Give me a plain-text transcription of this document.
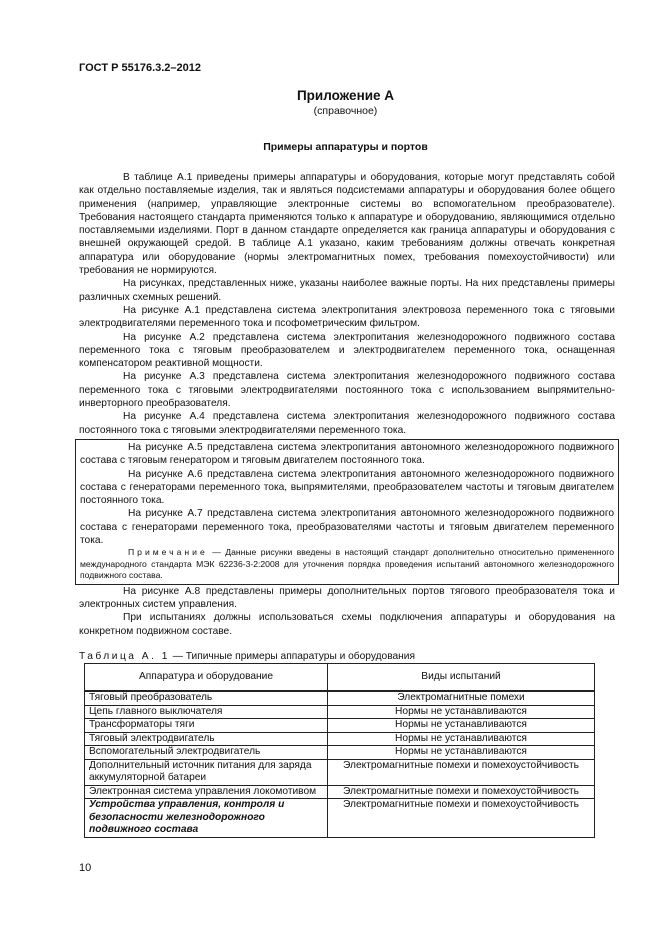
ГОСТ Р 55176.3.2–2012
Приложение А
(справочное)
Примеры аппаратуры и портов

В таблице А.1 приведены примеры аппаратуры и оборудования, которые могут представлять собой как отдельно поставляемые изделия, так и являться подсистемами аппаратуры и оборудования более общего применения (например, управляющие электронные системы во вспомогательном преобразователе). Требования настоящего стандарта применяются только к аппаратуре и оборудованию, являющимися отдельно поставляемыми изделиями. Порт в данном стандарте определяется как граница аппаратуры и оборудования с внешней окружающей средой. В таблице А.1 указано, каким требованиям должны отвечать конкретная аппаратура или оборудование (нормы электромагнитных помех, требования помехоустойчивости) или требования не нормируются.

На рисунках, представленных ниже, указаны наиболее важные порты. На них представлены примеры различных схемных решений.

На рисунке А.1 представлена система электропитания электровоза переменного тока с тяговыми электродвигателями переменного тока и псофометрическим фильтром.

На рисунке А.2 представлена система электропитания железнодорожного подвижного состава переменного тока с тяговым преобразователем и электродвигателем переменного тока, оснащенная компенсатором реактивной мощности.

На рисунке А.3 представлена система электропитания железнодорожного подвижного состава переменного тока с тяговыми электродвигателями постоянного тока с использованием выпрямительно- инверторного преобразователя.

На рисунке А.4 представлена система электропитания железнодорожного подвижного состава постоянного тока с тяговыми электродвигателями переменного тока.

На рисунке А.5 представлена система электропитания автономного железнодорожного подвижного состава с тяговым генератором и тяговым двигателем постоянного тока.

На рисунке А.6 представлена система электропитания автономного железнодорожного подвижного состава с генераторами переменного тока, выпрямителями, преобразователем частоты и тяговым двигателем постоянного тока.

На рисунке А.7 представлена система электропитания автономного железнодорожного подвижного состава с генераторами переменного тока, преобразователями частоты и тяговым двигателем переменного тока.

Примечание — Данные рисунки введены в настоящий стандарт дополнительно относительно примененного международного стандарта МЭК 62236-3-2:2008 для уточнения порядка проведения испытаний автономного железнодорожного подвижного состава.

На рисунке А.8 представлены примеры дополнительных портов тягового преобразователя тока и электронных систем управления.

При испытаниях должны использоваться схемы подключения аппаратуры и оборудования на конкретном подвижном составе.

Таблица А. 1 — Типичные примеры аппаратуры и оборудования
Аппаратура и оборудование	Виды испытаний
Тяговый преобразователь	Электромагнитные помехи
Цепь главного выключателя	Нормы не устанавливаются
Трансформаторы тяги	Нормы не устанавливаются
Тяговый электродвигатель	Нормы не устанавливаются
Вспомогательный электродвигатель	Нормы не устанавливаются
Дополнительный источник питания для заряда аккумуляторной батареи	Электромагнитные помехи и помехоустойчивость
Электронная система управления локомотивом	Электромагнитные помехи и помехоустойчивость
Устройства управления, контроля и безопасности железнодорожного подвижного состава	Электромагнитные помехи и помехоустойчивость
10
